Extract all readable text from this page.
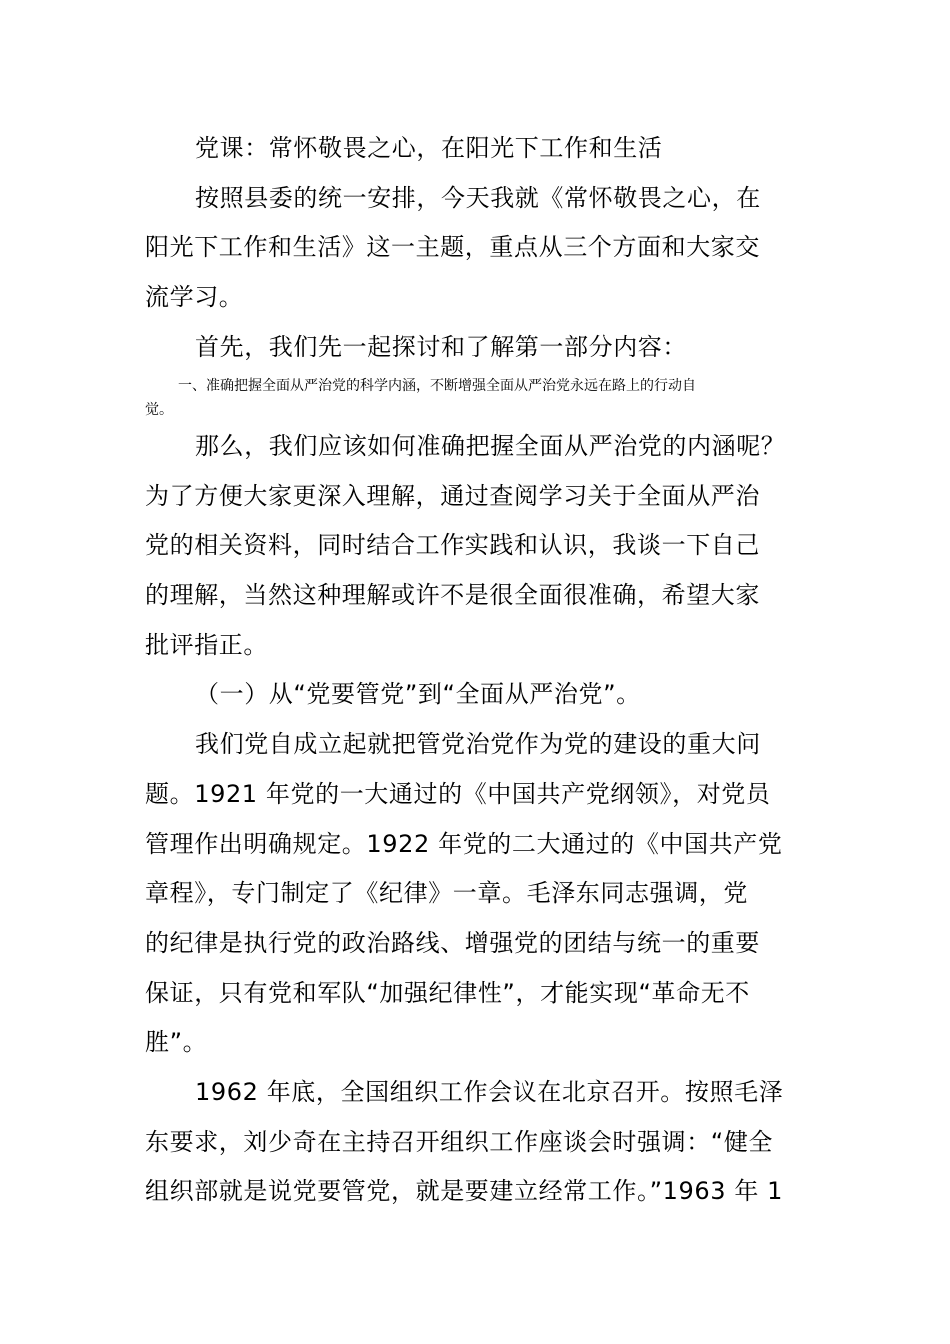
党课：常怀敬畏之心，在阳光下工作和生活
按照县委的统一安排，今天我就《常怀敬畏之心，在
阳光下工作和生活》这一主题，重点从三个方面和大家交
流学习。
首先，我们先一起探讨和了解第一部分内容：
一、准确把握全面从严治党的科学内涵，不断增强全面从严治党永远在路上的行动自
觉。
那么，我们应该如何准确把握全面从严治党的内涵呢？
为了方便大家更深入理解，通过查阅学习关于全面从严治
党的相关资料，同时结合工作实践和认识，我谈一下自己
的理解，当然这种理解或许不是很全面很准确，希望大家
批评指正。
（一）从“党要管党”到“全面从严治党”。
我们党自成立起就把管党治党作为党的建设的重大问
题。1921 年党的一大通过的《中国共产党纲领》，对党员
管理作出明确规定。1922 年党的二大通过的《中国共产党
章程》，专门制定了《纪律》一章。毛泽东同志强调，党
的纪律是执行党的政治路线、增强党的团结与统一的重要
保证，只有党和军队“加强纪律性”，才能实现“革命无不
胜”。
1962 年底，全国组织工作会议在北京召开。按照毛泽
东要求，刘少奇在主持召开组织工作座谈会时强调：“健全
组织部就是说党要管党，就是要建立经常工作。”1963 年 1
